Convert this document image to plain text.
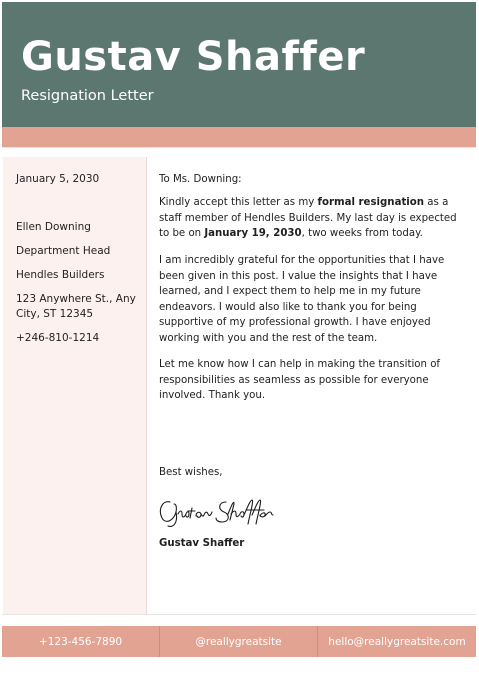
Gustav Shaffer
Resignation Letter
January 5, 2030
Ellen Downing
Department Head
Hendles Builders
123 Anywhere St., Any City, ST 12345
+246-810-1214
To Ms. Downing:
Kindly accept this letter as my formal resignation as a staff member of Hendles Builders. My last day is expected to be on January 19, 2030, two weeks from today.
I am incredibly grateful for the opportunities that I have been given in this post. I value the insights that I have learned, and I expect them to help me in my future endeavors. I would also like to thank you for being supportive of my professional growth. I have enjoyed working with you and the rest of the team.
Let me know how I can help in making the transition of responsibilities as seamless as possible for everyone involved. Thank you.
Best wishes,
Gustav Shaffer
+123-456-7890	@reallygreatsite	hello@reallygreatsite.com
